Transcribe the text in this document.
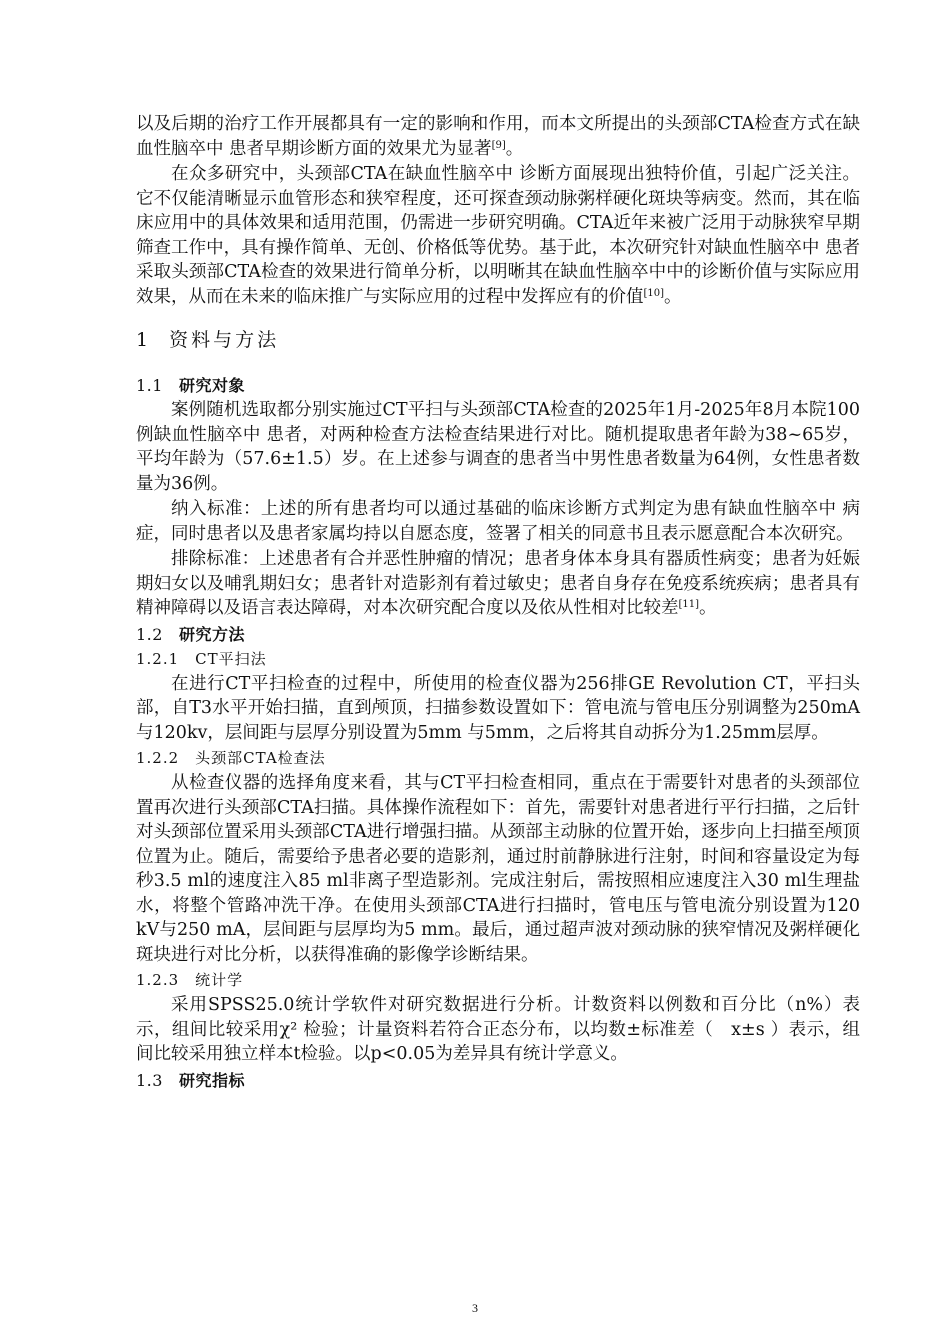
以及后期的治疗工作开展都具有一定的影响和作用，而本文所提出的头颈部CTA检查方式在缺血性脑卒中 患者早期诊断方面的效果尤为显著[9]。

在众多研究中，头颈部CTA在缺血性脑卒中 诊断方面展现出独特价值，引起广泛关注。它不仅能清晰显示血管形态和狭窄程度，还可探查颈动脉粥样硬化斑块等病变。然而，其在临床应用中的具体效果和适用范围，仍需进一步研究明确。CTA近年来被广泛用于动脉狭窄早期筛查工作中，具有操作简单、无创、价格低等优势。基于此，本次研究针对缺血性脑卒中 患者采取头颈部CTA检查的效果进行简单分析，以明晰其在缺血性脑卒中中的诊断价值与实际应用效果，从而在未来的临床推广与实际应用的过程中发挥应有的价值[10]。

1 资料与方法
1.1 研究对象

案例随机选取都分别实施过CT平扫与头颈部CTA检查的2025年1月-2025年8月本院100例缺血性脑卒中 患者，对两种检查方法检查结果进行对比。随机提取患者年龄为38~65岁，平均年龄为（57.6±1.5）岁。在上述参与调查的患者当中男性患者数量为64例，女性患者数量为36例。

纳入标准：上述的所有患者均可以通过基础的临床诊断方式判定为患有缺血性脑卒中 病症，同时患者以及患者家属均持以自愿态度，签署了相关的同意书且表示愿意配合本次研究。

排除标准：上述患者有合并恶性肿瘤的情况；患者身体本身具有器质性病变；患者为妊娠期妇女以及哺乳期妇女；患者针对造影剂有着过敏史；患者自身存在免疫系统疾病；患者具有精神障碍以及语言表达障碍，对本次研究配合度以及依从性相对比较差[11]。

1.2 研究方法
1.2.1 CT平扫法

在进行CT平扫检查的过程中，所使用的检查仪器为256排GE Revolution CT，平扫头部，自T3水平开始扫描，直到颅顶，扫描参数设置如下：管电流与管电压分别调整为250mA与120kv，层间距与层厚分别设置为5mm 与5mm，之后将其自动拆分为1.25mm层厚。

1.2.2 头颈部CTA检查法

从检查仪器的选择角度来看，其与CT平扫检查相同，重点在于需要针对患者的头颈部位置再次进行头颈部CTA扫描。具体操作流程如下：首先，需要针对患者进行平行扫描，之后针对头颈部位置采用头颈部CTA进行增强扫描。从颈部主动脉的位置开始，逐步向上扫描至颅顶位置为止。随后，需要给予患者必要的造影剂，通过肘前静脉进行注射，时间和容量设定为每秒3.5 ml的速度注入85 ml非离子型造影剂。完成注射后，需按照相应速度注入30 ml生理盐水，将整个管路冲洗干净。在使用头颈部CTA进行扫描时，管电压与管电流分别设置为120 kV与250 mA，层间距与层厚均为5 mm。最后，通过超声波对颈动脉的狭窄情况及粥样硬化斑块进行对比分析，以获得准确的影像学诊断结果。

1.2.3 统计学

采用SPSS25.0统计学软件对研究数据进行分析。计数资料以例数和百分比（n%）表示，组间比较采用χ² 检验；计量资料若符合正态分布，以均数±标准差（　x±s ）表示，组间比较采用独立样本t检验。以p<0.05为差异具有统计学意义。

1.3 研究指标
3
